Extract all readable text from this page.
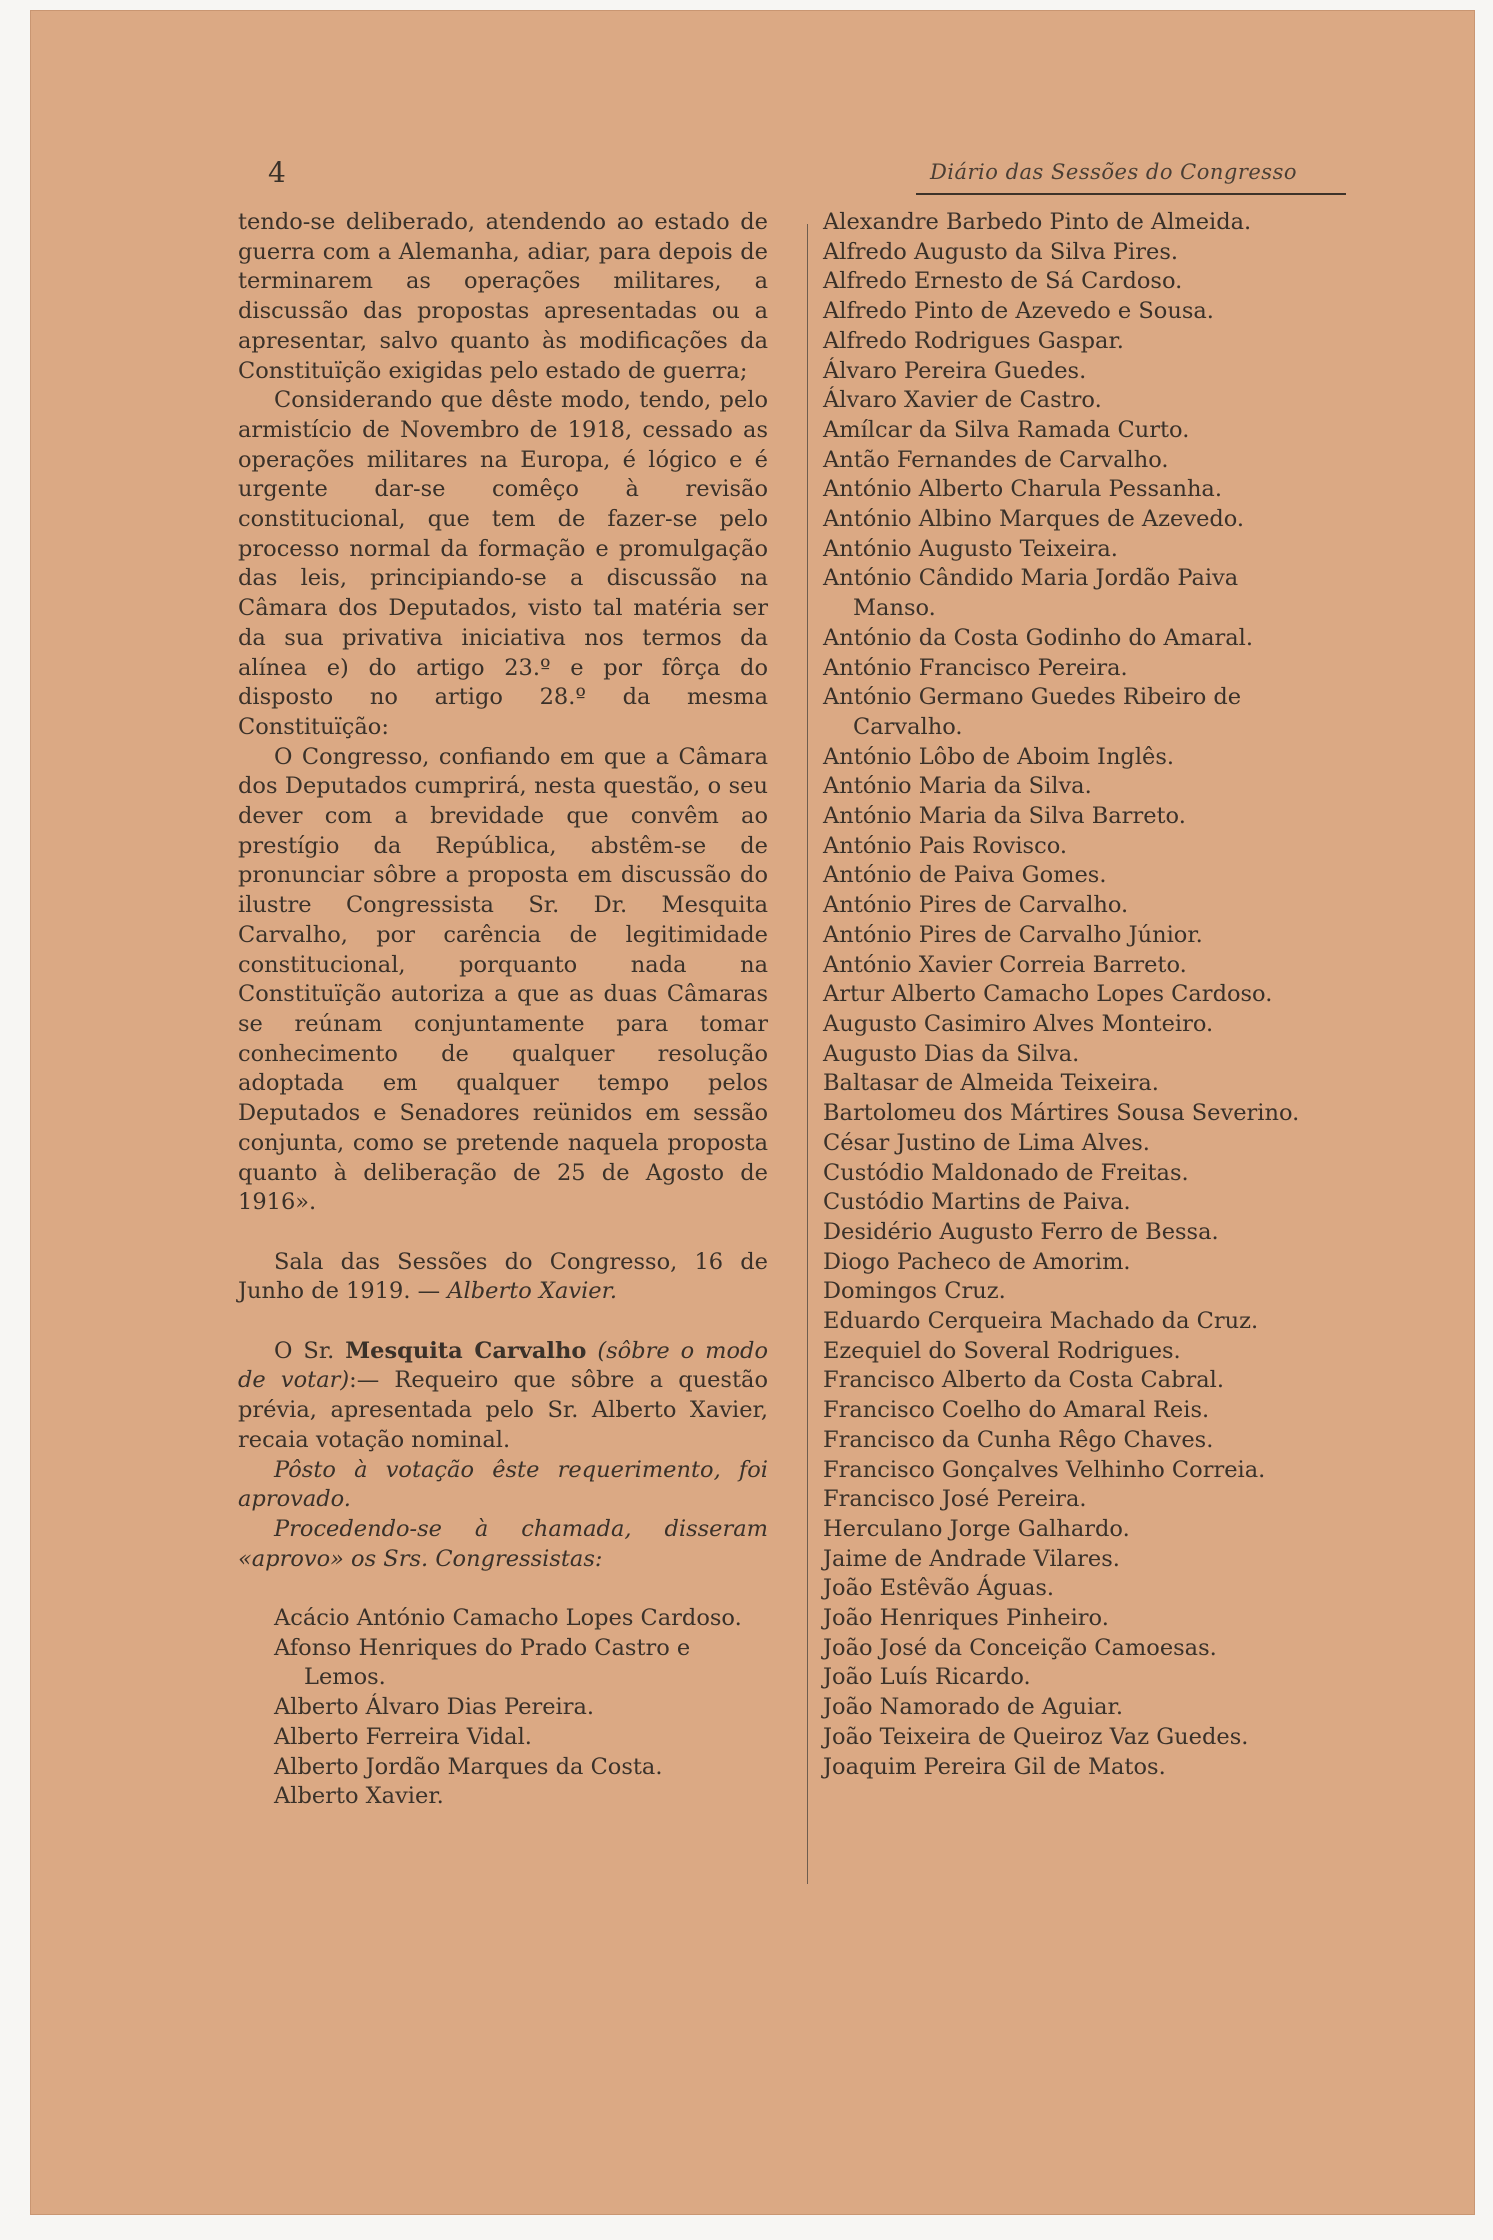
4	Diário das Sessões do Congresso

tendo-se deliberado, atendendo ao estado de guerra com a Alemanha, adiar, para depois de terminarem as operações militares, a discussão das propostas apresentadas ou a apresentar, salvo quanto às modificações da Constituïção exigidas pelo estado de guerra;

Considerando que dêste modo, tendo, pelo armistício de Novembro de 1918, cessado as operações militares na Europa, é lógico e é urgente dar-se comêço à revisão constitucional, que tem de fazer-se pelo processo normal da formação e promulgação das leis, principiando-se a discussão na Câmara dos Deputados, visto tal matéria ser da sua privativa iniciativa nos termos da alínea e) do artigo 23.º e por fôrça do disposto no artigo 28.º da mesma Constituïção:

O Congresso, confiando em que a Câmara dos Deputados cumprirá, nesta questão, o seu dever com a brevidade que convêm ao prestígio da República, abstêm-se de pronunciar sôbre a proposta em discussão do ilustre Congressista Sr. Dr. Mesquita Carvalho, por carência de legitimidade constitucional, porquanto nada na Constituïção autoriza a que as duas Câmaras se reúnam conjuntamente para tomar conhecimento de qualquer resolução adoptada em qualquer tempo pelos Deputados e Senadores reünidos em sessão conjunta, como se pretende naquela proposta quanto à deliberação de 25 de Agosto de 1916».

Sala das Sessões do Congresso, 16 de Junho de 1919. — Alberto Xavier.

O Sr. Mesquita Carvalho (sôbre o modo de votar):— Requeiro que sôbre a questão prévia, apresentada pelo Sr. Alberto Xavier, recaia votação nominal.

Pôsto à votação êste requerimento, foi aprovado.

Procedendo-se à chamada, disseram «aprovo» os Srs. Congressistas:

Acácio António Camacho Lopes Cardoso.

Afonso Henriques do Prado Castro e Lemos.

Alberto Álvaro Dias Pereira.

Alberto Ferreira Vidal.

Alberto Jordão Marques da Costa.

Alberto Xavier.

Alexandre Barbedo Pinto de Almeida.

Alfredo Augusto da Silva Pires.

Alfredo Ernesto de Sá Cardoso.

Alfredo Pinto de Azevedo e Sousa.

Alfredo Rodrigues Gaspar.

Álvaro Pereira Guedes.

Álvaro Xavier de Castro.

Amílcar da Silva Ramada Curto.

Antão Fernandes de Carvalho.

António Alberto Charula Pessanha.

António Albino Marques de Azevedo.

António Augusto Teixeira.

António Cândido Maria Jordão Paiva Manso.

António da Costa Godinho do Amaral.

António Francisco Pereira.

António Germano Guedes Ribeiro de Carvalho.

António Lôbo de Aboim Inglês.

António Maria da Silva.

António Maria da Silva Barreto.

António Pais Rovisco.

António de Paiva Gomes.

António Pires de Carvalho.

António Pires de Carvalho Júnior.

António Xavier Correia Barreto.

Artur Alberto Camacho Lopes Cardoso.

Augusto Casimiro Alves Monteiro.

Augusto Dias da Silva.

Baltasar de Almeida Teixeira.

Bartolomeu dos Mártires Sousa Severino.

César Justino de Lima Alves.

Custódio Maldonado de Freitas.

Custódio Martins de Paiva.

Desidério Augusto Ferro de Bessa.

Diogo Pacheco de Amorim.

Domingos Cruz.

Eduardo Cerqueira Machado da Cruz.

Ezequiel do Soveral Rodrigues.

Francisco Alberto da Costa Cabral.

Francisco Coelho do Amaral Reis.

Francisco da Cunha Rêgo Chaves.

Francisco Gonçalves Velhinho Correia.

Francisco José Pereira.

Herculano Jorge Galhardo.

Jaime de Andrade Vilares.

João Estêvão Águas.

João Henriques Pinheiro.

João José da Conceição Camoesas.

João Luís Ricardo.

João Namorado de Aguiar.

João Teixeira de Queiroz Vaz Guedes.

Joaquim Pereira Gil de Matos.
